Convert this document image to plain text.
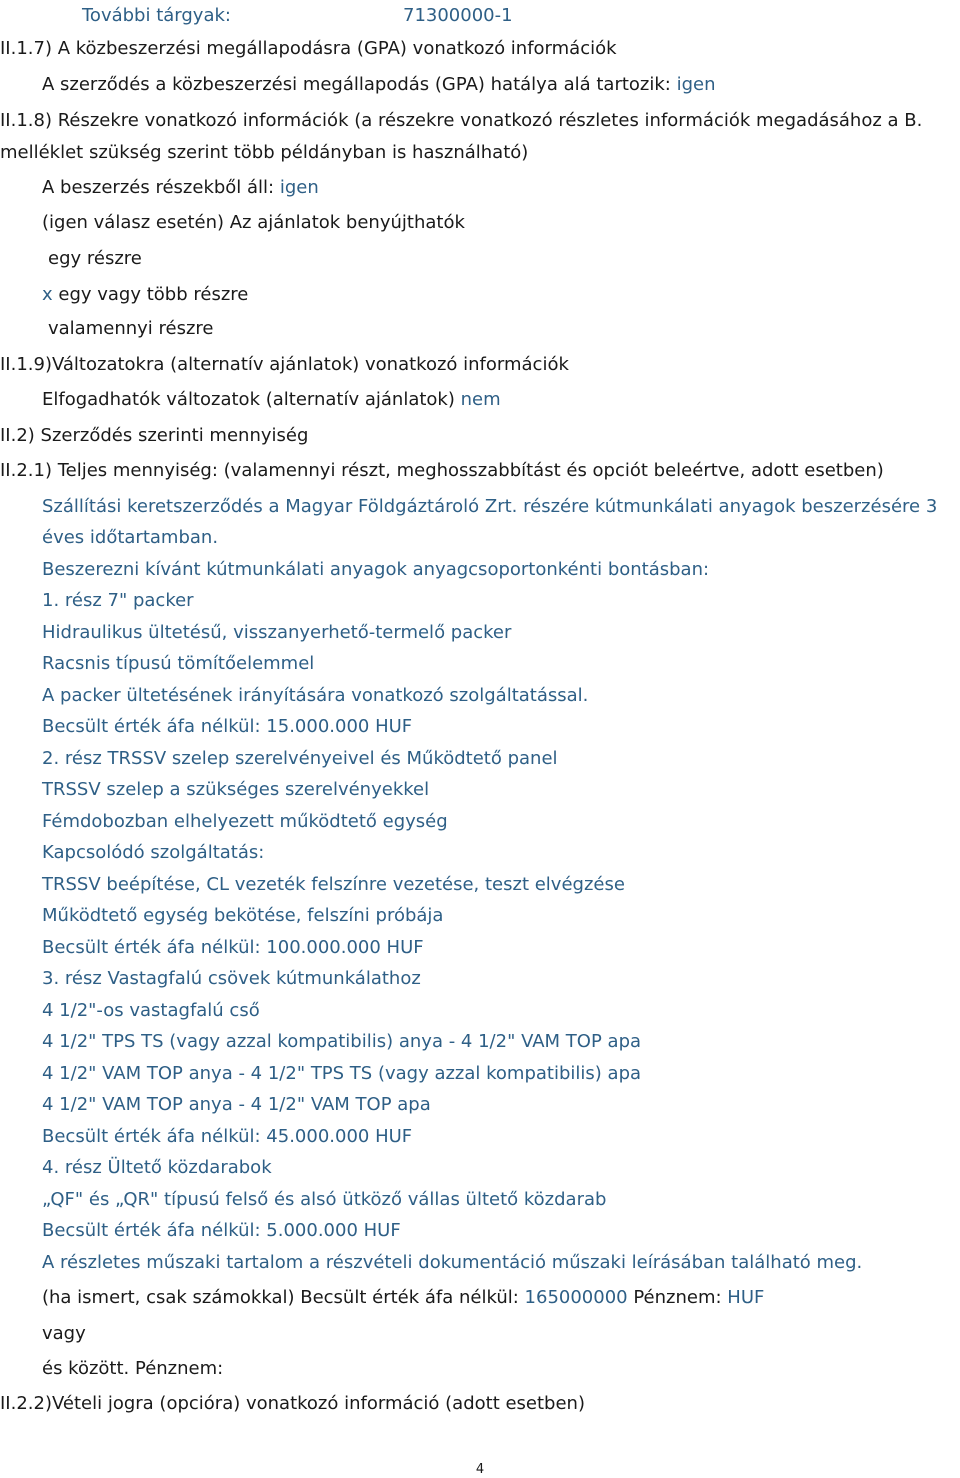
További tárgyak:	71300000-1
II.1.7) A közbeszerzési megállapodásra (GPA) vonatkozó információk
A szerződés a közbeszerzési megállapodás (GPA) hatálya alá tartozik: igen
II.1.8) Részekre vonatkozó információk (a részekre vonatkozó részletes információk megadásához a B.
melléklet szükség szerint több példányban is használható)
A beszerzés részekből áll: igen
(igen válasz esetén) Az ajánlatok benyújthatók
egy részre
x egy vagy több részre
valamennyi részre
II.1.9)Változatokra (alternatív ajánlatok) vonatkozó információk
Elfogadhatók változatok (alternatív ajánlatok) nem
II.2) Szerződés szerinti mennyiség
II.2.1) Teljes mennyiség: (valamennyi részt, meghosszabbítást és opciót beleértve, adott esetben)
Szállítási keretszerződés a Magyar Földgáztároló Zrt. részére kútmunkálati anyagok beszerzésére 3
éves időtartamban.
Beszerezni kívánt kútmunkálati anyagok anyagcsoportonkénti bontásban:
1. rész 7" packer
Hidraulikus ültetésű, visszanyerhető-termelő packer
Racsnis típusú tömítőelemmel
A packer ültetésének irányítására vonatkozó szolgáltatással.
Becsült érték áfa nélkül: 15.000.000 HUF
2. rész TRSSV szelep szerelvényeivel és Működtető panel
TRSSV szelep a szükséges szerelvényekkel
Fémdobozban elhelyezett működtető egység
Kapcsolódó szolgáltatás:
TRSSV beépítése, CL vezeték felszínre vezetése, teszt elvégzése
Működtető egység bekötése, felszíni próbája
Becsült érték áfa nélkül: 100.000.000 HUF
3. rész Vastagfalú csövek kútmunkálathoz
4 1/2"-os vastagfalú cső
4 1/2" TPS TS (vagy azzal kompatibilis) anya - 4 1/2" VAM TOP apa
4 1/2" VAM TOP anya - 4 1/2" TPS TS (vagy azzal kompatibilis) apa
4 1/2" VAM TOP anya - 4 1/2" VAM TOP apa
Becsült érték áfa nélkül: 45.000.000 HUF
4. rész Ültető közdarabok
„QF" és „QR" típusú felső és alsó ütköző vállas ültető közdarab
Becsült érték áfa nélkül: 5.000.000 HUF
A részletes műszaki tartalom a részvételi dokumentáció műszaki leírásában található meg.
(ha ismert, csak számokkal) Becsült érték áfa nélkül: 165000000 Pénznem: HUF
vagy
és között. Pénznem:
II.2.2)Vételi jogra (opcióra) vonatkozó információ (adott esetben)
4
